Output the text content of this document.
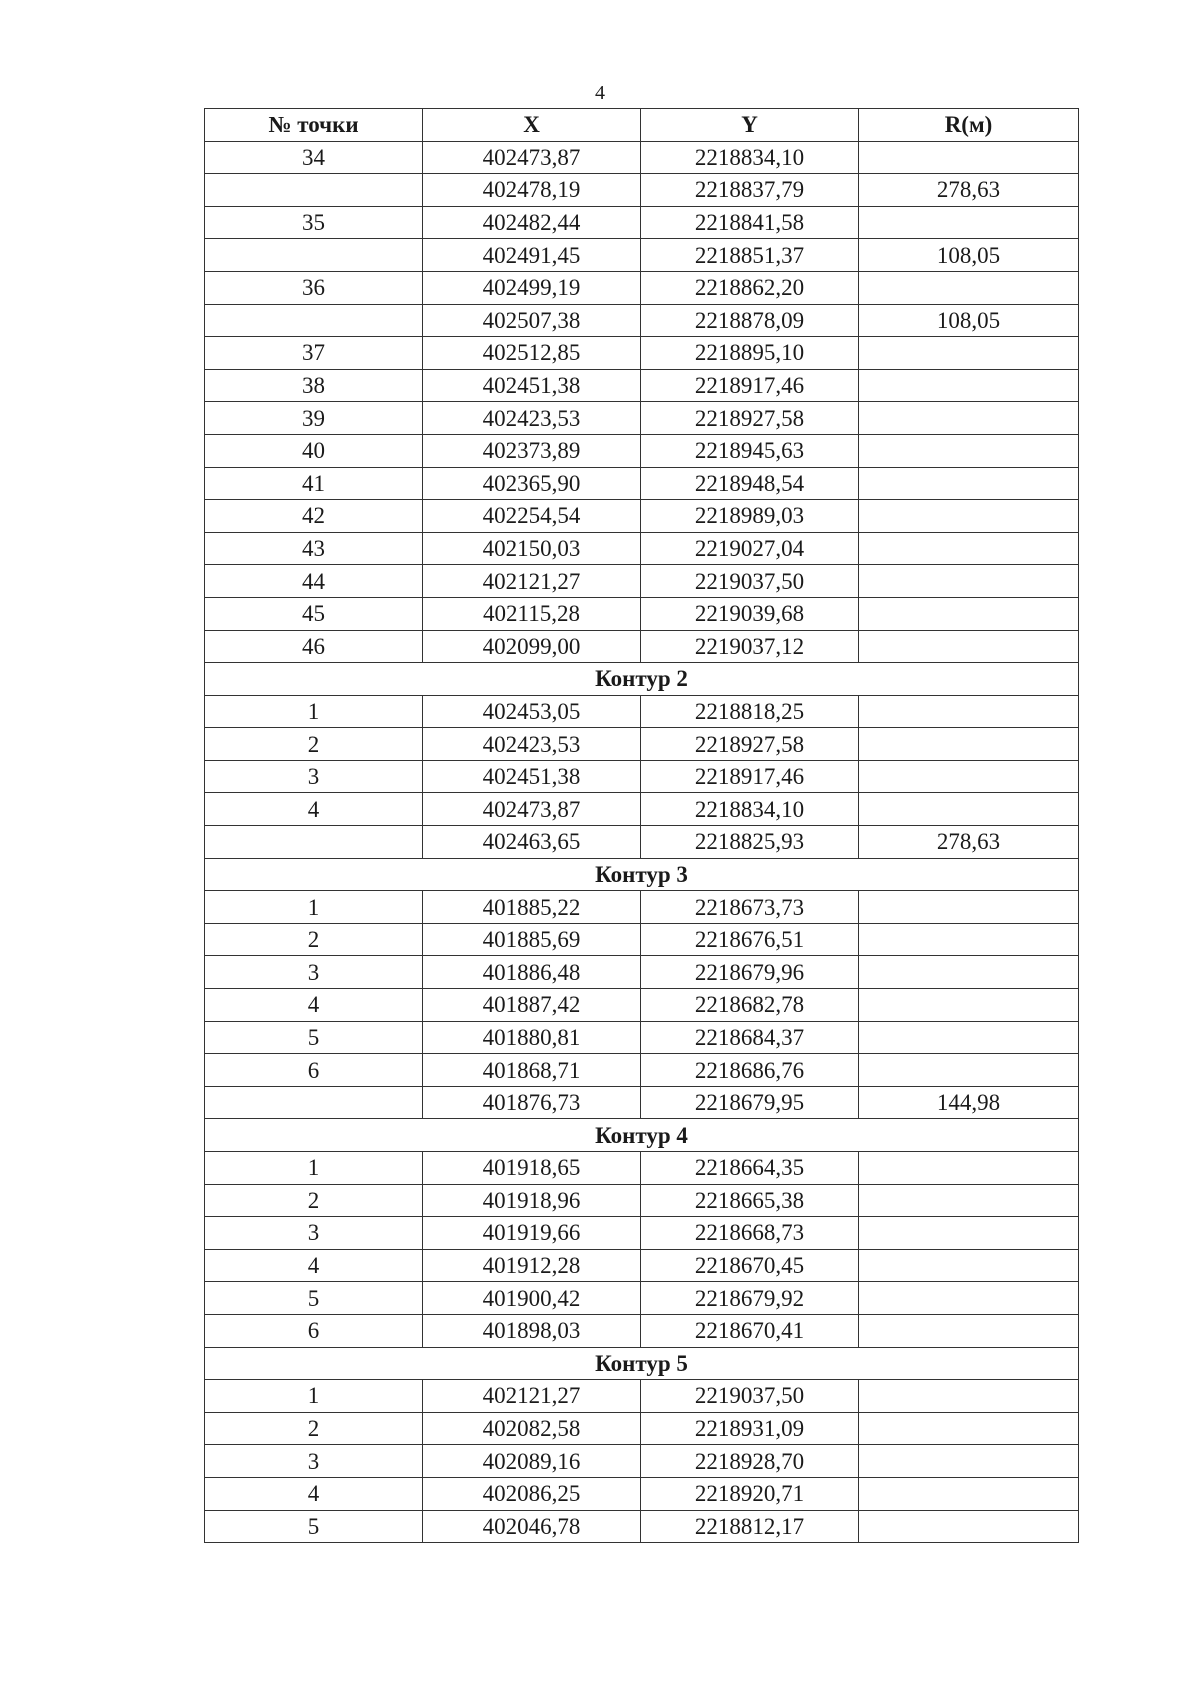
4
№ точки	X	Y	R(м)
34	402473,87	2218834,10	
	402478,19	2218837,79	278,63
35	402482,44	2218841,58	
	402491,45	2218851,37	108,05
36	402499,19	2218862,20	
	402507,38	2218878,09	108,05
37	402512,85	2218895,10	
38	402451,38	2218917,46	
39	402423,53	2218927,58	
40	402373,89	2218945,63	
41	402365,90	2218948,54	
42	402254,54	2218989,03	
43	402150,03	2219027,04	
44	402121,27	2219037,50	
45	402115,28	2219039,68	
46	402099,00	2219037,12	
Контур 2			
1	402453,05	2218818,25	
2	402423,53	2218927,58	
3	402451,38	2218917,46	
4	402473,87	2218834,10	
	402463,65	2218825,93	278,63
Контур 3			
1	401885,22	2218673,73	
2	401885,69	2218676,51	
3	401886,48	2218679,96	
4	401887,42	2218682,78	
5	401880,81	2218684,37	
6	401868,71	2218686,76	
	401876,73	2218679,95	144,98
Контур 4			
1	401918,65	2218664,35	
2	401918,96	2218665,38	
3	401919,66	2218668,73	
4	401912,28	2218670,45	
5	401900,42	2218679,92	
6	401898,03	2218670,41	
Контур 5			
1	402121,27	2219037,50	
2	402082,58	2218931,09	
3	402089,16	2218928,70	
4	402086,25	2218920,71	
5	402046,78	2218812,17	
